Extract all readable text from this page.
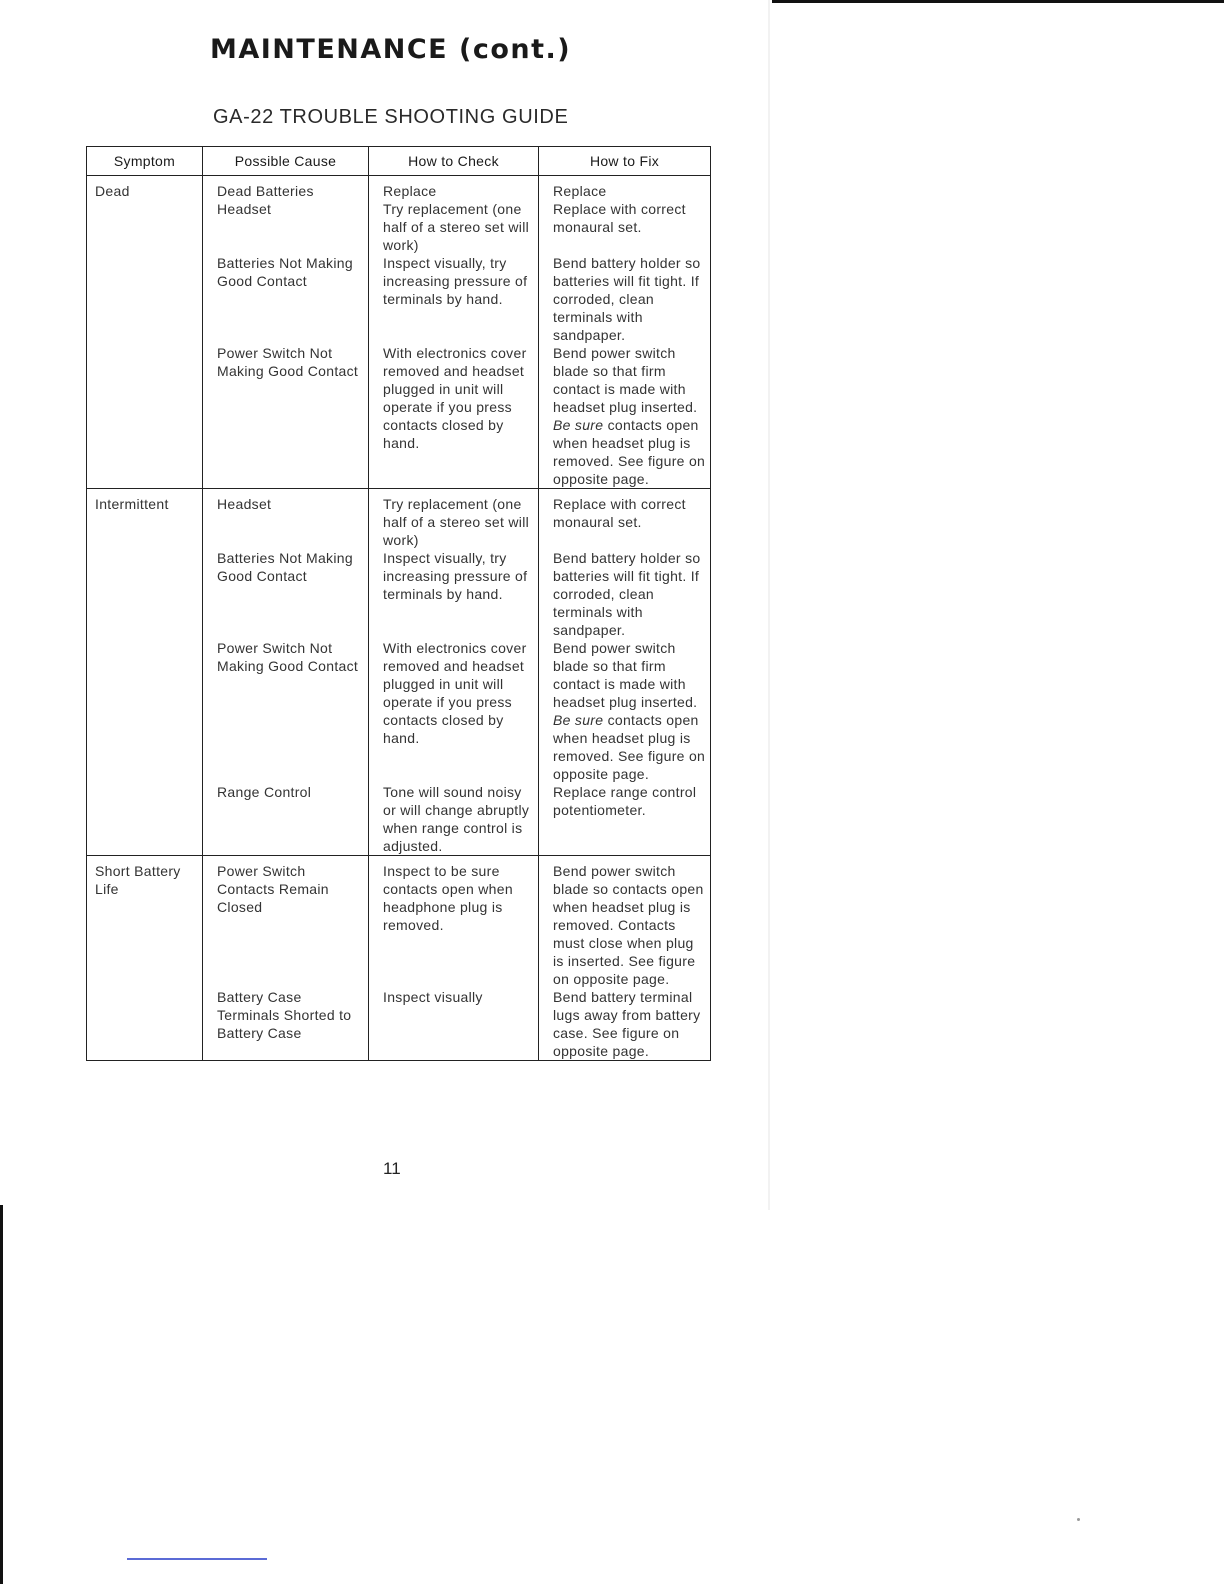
MAINTENANCE (cont.)
GA-22 TROUBLE SHOOTING GUIDE
Symptom	Possible Cause	How to Check	How to Fix
Dead	Dead Batteries	Replace	Replace
	Headset	Try replacement (one half of a stereo set will work)	Replace with correct monaural set.
	Batteries Not Making Good Contact	Inspect visually, try increasing pressure of terminals by hand.	Bend battery holder so batteries will fit tight. If corroded, clean terminals with sandpaper.
	Power Switch Not Making Good Contact	With electronics cover removed and headset plugged in unit will operate if you press contacts closed by hand.	Bend power switch blade so that firm contact is made with headset plug inserted. Be sure contacts open when headset plug is removed. See figure on opposite page.
Intermittent	Headset	Try replacement (one half of a stereo set will work)	Replace with correct monaural set.
	Batteries Not Making Good Contact	Inspect visually, try increasing pressure of terminals by hand.	Bend battery holder so batteries will fit tight. If corroded, clean terminals with sandpaper.
	Power Switch Not Making Good Contact	With electronics cover removed and headset plugged in unit will operate if you press contacts closed by hand.	Bend power switch blade so that firm contact is made with headset plug inserted. Be sure contacts open when headset plug is removed. See figure on opposite page.
	Range Control	Tone will sound noisy or will change abruptly when range control is adjusted.	Replace range control potentiometer.
Short Battery Life	Power Switch Contacts Remain Closed	Inspect to be sure contacts open when headphone plug is removed.	Bend power switch blade so contacts open when headset plug is removed. Contacts must close when plug is inserted. See figure on opposite page.
	Battery Case Terminals Shorted to Battery Case	Inspect visually	Bend battery terminal lugs away from battery case. See figure on opposite page.

11
